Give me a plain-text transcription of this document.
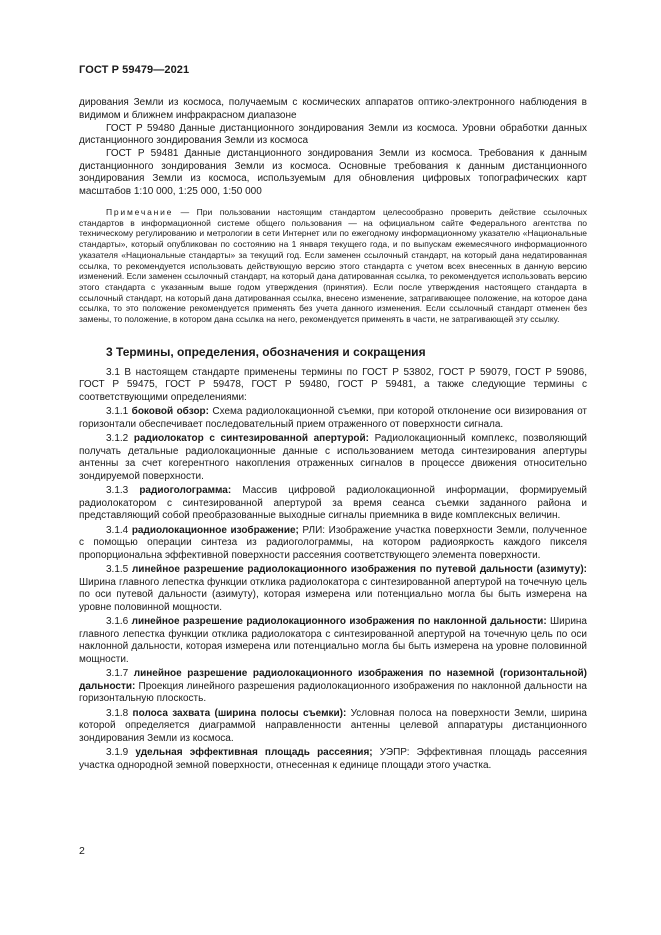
ГОСТ Р 59479—2021

дирования Земли из космоса, получаемым с космических аппаратов оптико-электронного наблюдения в видимом и ближнем инфракрасном диапазоне

ГОСТ Р 59480 Данные дистанционного зондирования Земли из космоса. Уровни обработки данных дистанционного зондирования Земли из космоса

ГОСТ Р 59481 Данные дистанционного зондирования Земли из космоса. Требования к данным дистанционного зондирования Земли из космоса. Основные требования к данным дистанционного зондирования Земли из космоса, используемым для обновления цифровых топографических карт масштабов 1:10 000, 1:25 000, 1:50 000

Примечание — При пользовании настоящим стандартом целесообразно проверить действие ссылочных стандартов в информационной системе общего пользования — на официальном сайте Федерального агентства по техническому регулированию и метрологии в сети Интернет или по ежегодному информационному указателю «Национальные стандарты», который опубликован по состоянию на 1 января текущего года, и по выпускам ежемесячного информационного указателя «Национальные стандарты» за текущий год. Если заменен ссылочный стандарт, на который дана недатированная ссылка, то рекомендуется использовать действующую версию этого стандарта с учетом всех внесенных в данную версию изменений. Если заменен ссылочный стандарт, на который дана датированная ссылка, то рекомендуется использовать версию этого стандарта с указанным выше годом утверждения (принятия). Если после утверждения настоящего стандарта в ссылочный стандарт, на который дана датированная ссылка, внесено изменение, затрагивающее положение, на которое дана ссылка, то это положение рекомендуется применять без учета данного изменения. Если ссылочный стандарт отменен без замены, то положение, в котором дана ссылка на него, рекомендуется применять в части, не затрагивающей эту ссылку.

3 Термины, определения, обозначения и сокращения

3.1 В настоящем стандарте применены термины по ГОСТ Р 53802, ГОСТ Р 59079, ГОСТ Р 59086, ГОСТ Р 59475, ГОСТ Р 59478, ГОСТ Р 59480, ГОСТ Р 59481, а также следующие термины с соответствующими определениями:

3.1.1 боковой обзор: Схема радиолокационной съемки, при которой отклонение оси визирования от горизонтали обеспечивает последовательный прием отраженного от поверхности сигнала.

3.1.2 радиолокатор с синтезированной апертурой: Радиолокационный комплекс, позволяющий получать детальные радиолокационные данные с использованием метода синтезирования апертуры антенны за счет когерентного накопления отраженных сигналов в процессе движения относительно зондируемой поверхности.

3.1.3 радиоголограмма: Массив цифровой радиолокационной информации, формируемый радиолокатором с синтезированной апертурой за время сеанса съемки заданного района и представляющий собой преобразованные выходные сигналы приемника в виде комплексных величин.

3.1.4 радиолокационное изображение; РЛИ: Изображение участка поверхности Земли, полученное с помощью операции синтеза из радиоголограммы, на котором радиояркость каждого пикселя пропорциональна эффективной поверхности рассеяния соответствующего элемента поверхности.

3.1.5 линейное разрешение радиолокационного изображения по путевой дальности (азимуту): Ширина главного лепестка функции отклика радиолокатора с синтезированной апертурой на точечную цель по оси путевой дальности (азимуту), которая измерена или потенциально могла бы быть измерена на уровне половинной мощности.

3.1.6 линейное разрешение радиолокационного изображения по наклонной дальности: Ширина главного лепестка функции отклика радиолокатора с синтезированной апертурой на точечную цель по оси наклонной дальности, которая измерена или потенциально могла бы быть измерена на уровне половинной мощности.

3.1.7 линейное разрешение радиолокационного изображения по наземной (горизонтальной) дальности: Проекция линейного разрешения радиолокационного изображения по наклонной дальности на горизонтальную плоскость.

3.1.8 полоса захвата (ширина полосы съемки): Условная полоса на поверхности Земли, ширина которой определяется диаграммой направленности антенны целевой аппаратуры дистанционного зондирования Земли из космоса.

3.1.9 удельная эффективная площадь рассеяния; УЭПР: Эффективная площадь рассеяния участка однородной земной поверхности, отнесенная к единице площади этого участка.

2
